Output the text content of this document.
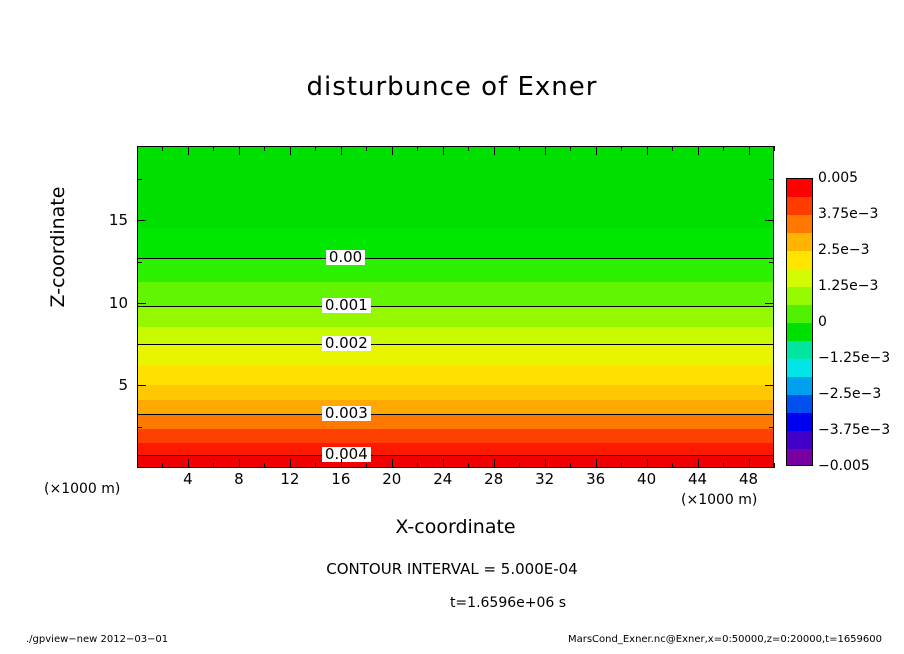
disturbunce of Exner
0.00
0.001
0.002
0.003
0.004
4	8 12 16 20 24 28 32 36 40 44 48
5
10
15
Z-coordinate
X-coordinate
(×1000 m)
(×1000 m)
0.005
3.75e−3
2.5e−3
1.25e−3
0
−1.25e−3
−2.5e−3
−3.75e−3
−0.005
CONTOUR INTERVAL = 5.000E-04
t=1.6596e+06 s
./gpview−new 2012−03−01	MarsCond_Exner.nc@Exner,x=0:50000,z=0:20000,t=1659600
